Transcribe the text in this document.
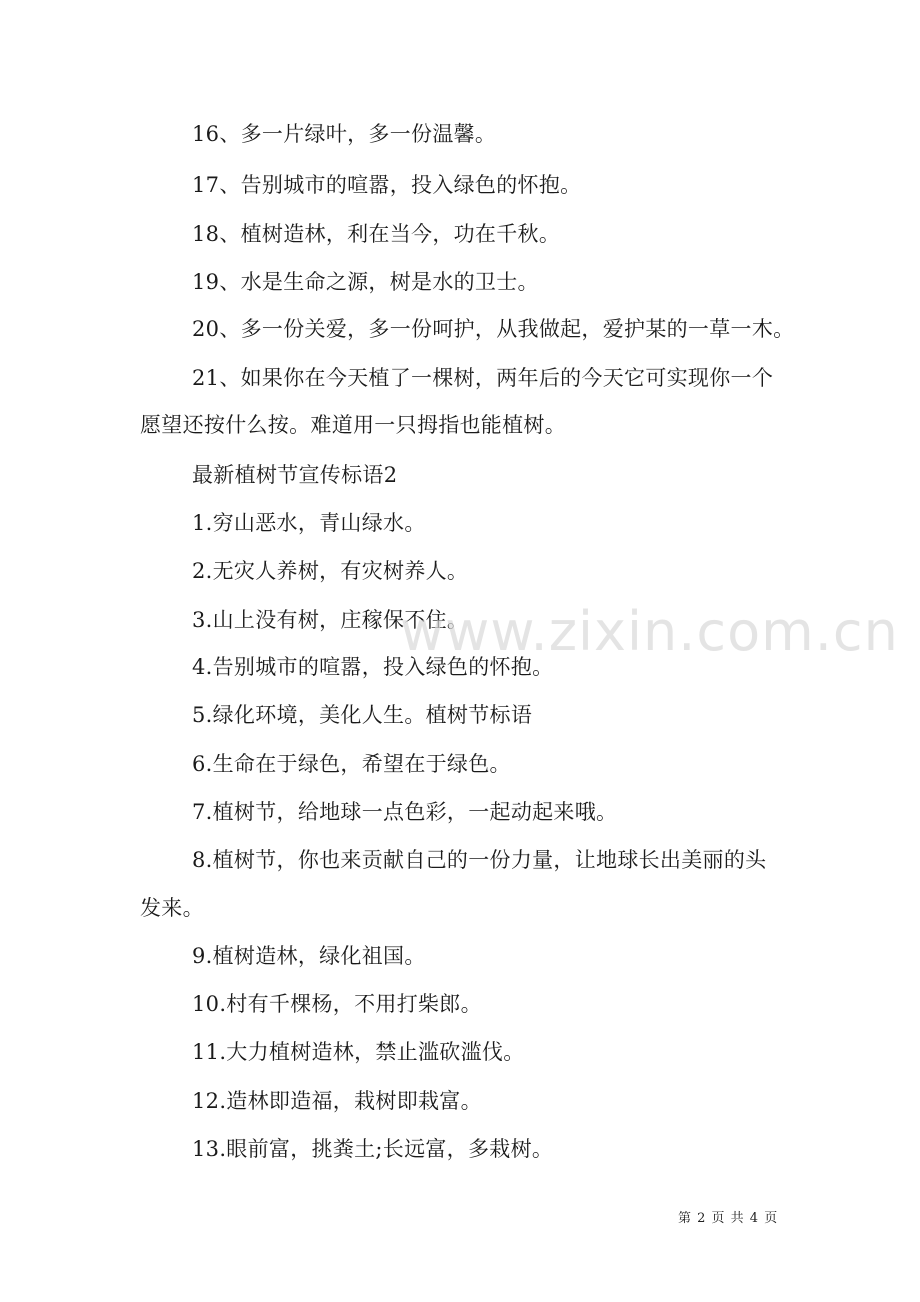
16、多一片绿叶，多一份温馨。

17、告别城市的喧嚣，投入绿色的怀抱。

18、植树造林，利在当今，功在千秋。

19、水是生命之源，树是水的卫士。

20、多一份关爱，多一份呵护，从我做起，爱护某的一草一木。

21、如果你在今天植了一棵树，两年后的今天它可实现你一个

愿望还按什么按。难道用一只拇指也能植树。

最新植树节宣传标语2

1.穷山恶水，青山绿水。

2.无灾人养树，有灾树养人。

3.山上没有树，庄稼保不住。

4.告别城市的喧嚣，投入绿色的怀抱。

5.绿化环境，美化人生。植树节标语

6.生命在于绿色，希望在于绿色。

7.植树节，给地球一点色彩，一起动起来哦。

8.植树节，你也来贡献自己的一份力量，让地球长出美丽的头

发来。

9.植树造林，绿化祖国。

10.村有千棵杨，不用打柴郎。

11.大力植树造林，禁止滥砍滥伐。

12.造林即造福，栽树即栽富。

13.眼前富，挑粪土;长远富，多栽树。

www.zixin.com.cn
第 2 页 共 4 页
